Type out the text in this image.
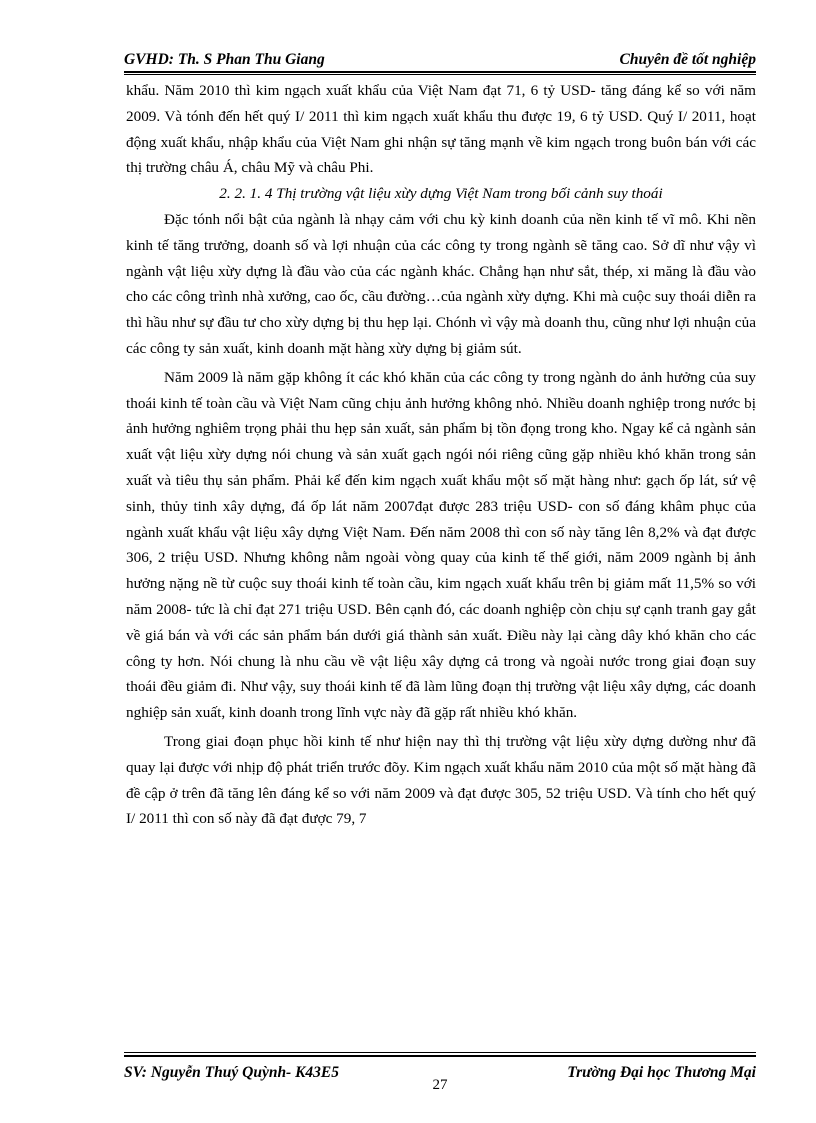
GVHD: Th. S Phan Thu Giang	Chuyên đề tốt nghiệp

khẩu. Năm 2010 thì kim ngạch xuất khẩu của Việt Nam đạt 71, 6 tỷ USD- tăng đáng kể so với năm 2009. Và tónh đến hết quý I/ 2011 thì kim ngạch xuất khẩu thu được 19, 6 tỷ USD. Quý I/ 2011, hoạt động xuất khẩu, nhập khẩu của Việt Nam ghi nhận sự tăng mạnh về kim ngạch trong buôn bán với các thị trường châu Á, châu Mỹ và châu Phi.

2. 2. 1. 4 Thị trường vật liệu xừy dựng Việt Nam trong bối cảnh suy thoái

Đặc tónh nổi bật của ngành là nhạy cảm với chu kỳ kinh doanh của nền kinh tế vĩ mô. Khi nền kinh tế tăng trưởng, doanh số và lợi nhuận của các công ty trong ngành sẽ tăng cao. Sở dĩ như vậy vì ngành vật liệu xừy dựng là đầu vào của các ngành khác. Chẳng hạn như sắt, thép, xi măng là đầu vào cho các công trình nhà xưởng, cao ốc, cầu đường…của ngành xừy dựng. Khi mà cuộc suy thoái diễn ra thì hầu như sự đầu tư cho xừy dựng bị thu hẹp lại. Chónh vì vậy mà doanh thu, cũng như lợi nhuận của các công ty sản xuất, kinh doanh mặt hàng xừy dựng bị giảm sút.

Năm 2009 là năm gặp không ít các khó khăn của các công ty trong ngành do ảnh hưởng của suy thoái kinh tế toàn cầu và Việt Nam cũng chịu ảnh hưởng không nhỏ. Nhiều doanh nghiệp trong nước bị ảnh hưởng nghiêm trọng phải thu hẹp sản xuất, sản phẩm bị tồn đọng trong kho. Ngay kể cả ngành sản xuất vật liệu xừy dựng nói chung và sản xuất gạch ngói nói riêng cũng gặp nhiều khó khăn trong sản xuất và tiêu thụ sản phẩm. Phải kể đến kim ngạch xuất khẩu một số mặt hàng như: gạch ốp lát, sứ vệ sinh, thủy tinh xây dựng, đá ốp lát năm 2007đạt được 283 triệu USD- con số đáng khâm phục của ngành xuất khẩu vật liệu xây dựng Việt Nam. Đến năm 2008 thì con số này tăng lên 8,2% và đạt được 306, 2 triệu USD. Nhưng không nằm ngoài vòng quay của kinh tế thế giới, năm 2009 ngành bị ảnh hưởng nặng nề từ cuộc suy thoái kinh tế toàn cầu, kim ngạch xuất khẩu trên bị giảm mất 11,5% so với năm 2008- tức là chỉ đạt 271 triệu USD. Bên cạnh đó, các doanh nghiệp còn chịu sự cạnh tranh gay gắt về giá bán và với các sản phẩm bán dưới giá thành sản xuất. Điều này lại càng dây khó khăn cho các công ty hơn. Nói chung là nhu cầu về vật liệu xây dựng cả trong và ngoài nước trong giai đoạn suy thoái đều giảm đi. Như vậy, suy thoái kinh tế đã làm lũng đoạn thị trường vật liệu xây dựng, các doanh nghiệp sản xuất, kinh doanh trong lĩnh vực này đã gặp rất nhiều khó khăn.

Trong giai đoạn phục hồi kinh tế như hiện nay thì thị trường vật liệu xừy dựng dường như đã quay lại được với nhịp độ phát triển trước đõy. Kim ngạch xuất khẩu năm 2010 của một số mặt hàng đã đề cập ở trên đã tăng lên đáng kể so với năm 2009 và đạt được 305, 52 triệu USD. Và tính cho hết quý I/ 2011 thì con số này đã đạt được 79, 7

SV: Nguyễn Thuý Quỳnh- K43E5
27
Trường Đại học Thương Mại
